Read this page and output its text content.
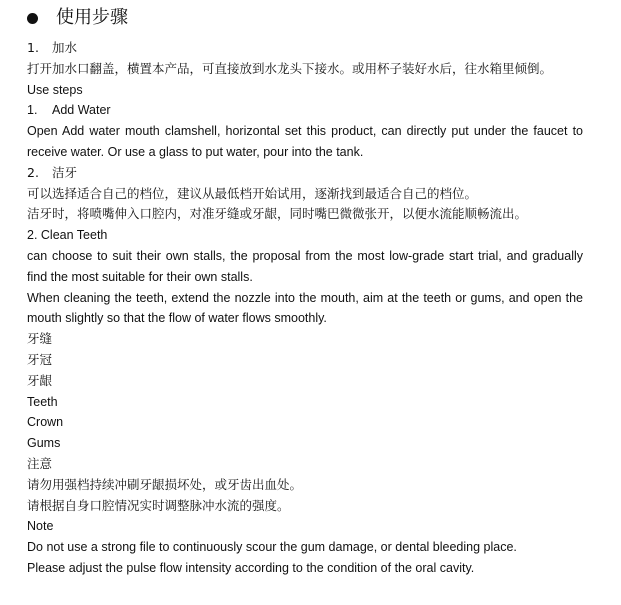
使用步骤
1. 加水
打开加水口翻盖，横置本产品，可直接放到水龙头下接水。或用杯子装好水后，往水箱里倾倒。
Use steps
1. Add Water
Open Add water mouth clamshell, horizontal set this product, can directly put under the faucet to receive water. Or use a glass to put water, pour into the tank.
2. 洁牙
可以选择适合自己的档位，建议从最低档开始试用，逐渐找到最适合自己的档位。
洁牙时，将喷嘴伸入口腔内，对准牙缝或牙龈，同时嘴巴微微张开，以便水流能顺畅流出。
2. Clean Teeth
can choose to suit their own stalls, the proposal from the most low-grade start trial, and gradually find the most suitable for their own stalls.
When cleaning the teeth, extend the nozzle into the mouth, aim at the teeth or gums, and open the mouth slightly so that the flow of water flows smoothly.
牙缝
牙冠
牙龈
Teeth
Crown
Gums
注意
请勿用强档持续冲刷牙龈损坏处，或牙齿出血处。
请根据自身口腔情况实时调整脉冲水流的强度。
Note
Do not use a strong file to continuously scour the gum damage, or dental bleeding place.
Please adjust the pulse flow intensity according to the condition of the oral cavity.
